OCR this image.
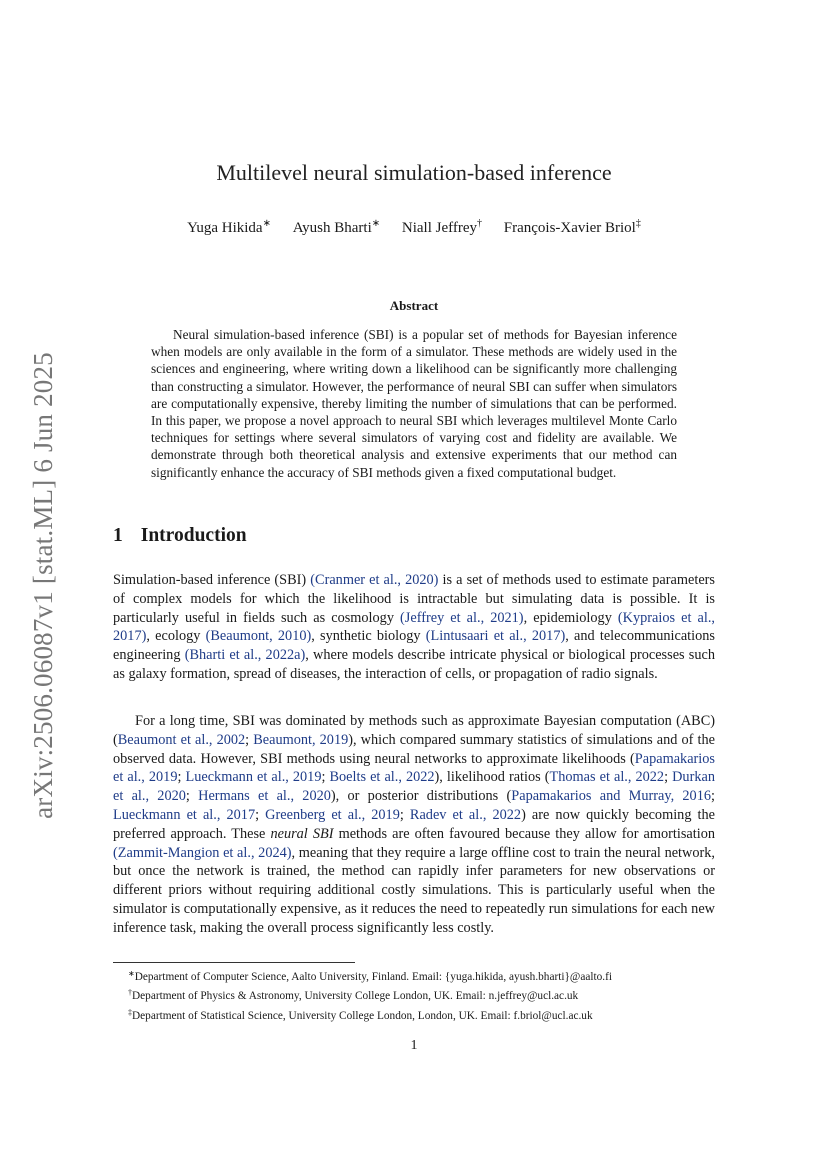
arXiv:2506.06087v1 [stat.ML] 6 Jun 2025
Multilevel neural simulation-based inference
Yuga Hikida∗ Ayush Bharti∗ Niall Jeffrey† François-Xavier Briol‡
Abstract
Neural simulation-based inference (SBI) is a popular set of methods for Bayesian inference when models are only available in the form of a simulator. These methods are widely used in the sciences and engineering, where writing down a likelihood can be significantly more challenging than constructing a simulator. However, the performance of neural SBI can suffer when simulators are computationally expensive, thereby limiting the number of simulations that can be performed. In this paper, we propose a novel approach to neural SBI which leverages multilevel Monte Carlo techniques for settings where several simulators of varying cost and fidelity are available. We demonstrate through both theoretical analysis and extensive experiments that our method can significantly enhance the accuracy of SBI methods given a fixed computational budget.
1 Introduction
Simulation-based inference (SBI) (Cranmer et al., 2020) is a set of methods used to estimate parameters of complex models for which the likelihood is intractable but simulating data is possible. It is particularly useful in fields such as cosmology (Jeffrey et al., 2021), epidemiology (Kypraios et al., 2017), ecology (Beaumont, 2010), synthetic biology (Lintusaari et al., 2017), and telecommunications engineering (Bharti et al., 2022a), where models describe intricate physical or biological processes such as galaxy formation, spread of diseases, the interaction of cells, or propagation of radio signals.
For a long time, SBI was dominated by methods such as approximate Bayesian computation (ABC) (Beaumont et al., 2002; Beaumont, 2019), which compared summary statistics of simulations and of the observed data. However, SBI methods using neural networks to approximate likelihoods (Papamakarios et al., 2019; Lueckmann et al., 2019; Boelts et al., 2022), likelihood ratios (Thomas et al., 2022; Durkan et al., 2020; Hermans et al., 2020), or posterior distributions (Papamakarios and Murray, 2016; Lueckmann et al., 2017; Greenberg et al., 2019; Radev et al., 2022) are now quickly becoming the preferred approach. These neural SBI methods are often favoured because they allow for amortisation (Zammit-Mangion et al., 2024), meaning that they require a large offline cost to train the neural network, but once the network is trained, the method can rapidly infer parameters for new observations or different priors without requiring additional costly simulations. This is particularly useful when the simulator is computationally expensive, as it reduces the need to repeatedly run simulations for each new inference task, making the overall process significantly less costly.
∗Department of Computer Science, Aalto University, Finland. Email: {yuga.hikida, ayush.bharti}@aalto.fi
†Department of Physics & Astronomy, University College London, UK. Email: n.jeffrey@ucl.ac.uk
‡Department of Statistical Science, University College London, London, UK. Email: f.briol@ucl.ac.uk
1
